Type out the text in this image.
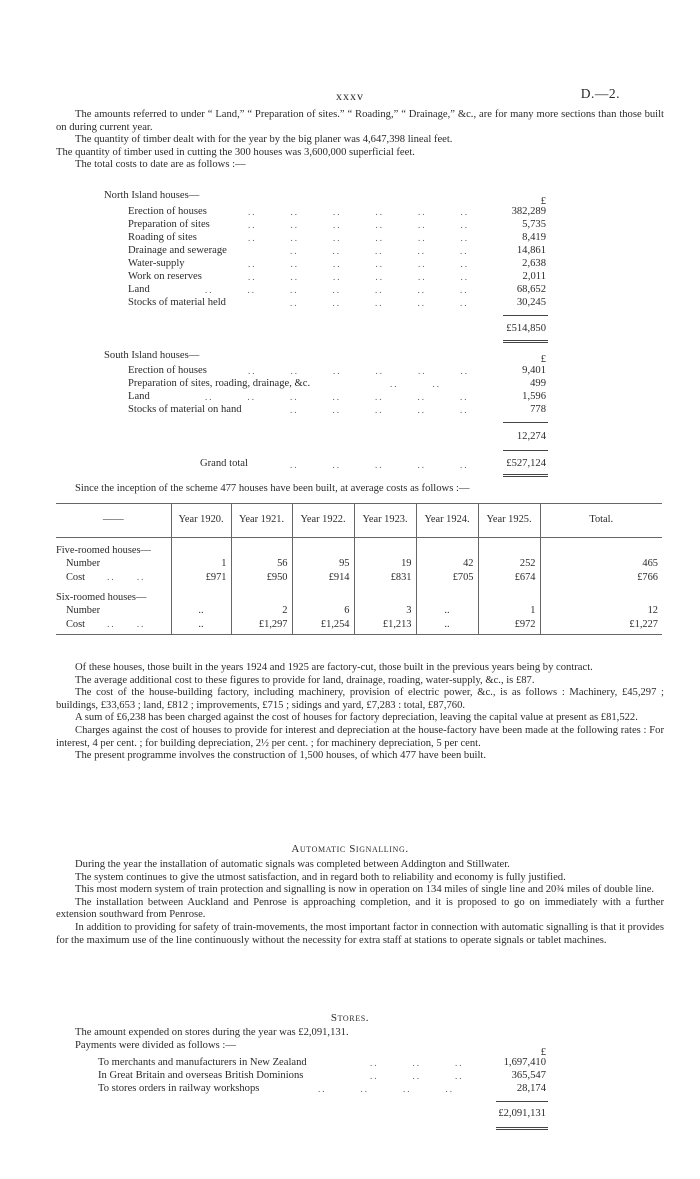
xxxv	D.—2.

The amounts referred to under “ Land,” “ Preparation of sites.” “ Roading,” “ Drainage,” &c., are for many more sections than those built on during current year.

The quantity of timber dealt with for the year by the big planer was 4,647,398 lineal feet.

The quantity of timber used in cutting the 300 houses was 3,600,000 superficial feet.

The total costs to date are as follows :—

North Island houses—
£
Erection of houses	..        ..        ..        ..        ..        ..	382,289
Preparation of sites	..        ..        ..        ..        ..        ..	5,735
Roading of sites	..        ..        ..        ..        ..        ..	8,419
Drainage and sewerage	..        ..        ..        ..        ..	14,861
Water-supply	..        ..        ..        ..        ..        ..	2,638
Work on reserves	..        ..        ..        ..        ..        ..	2,011
Land	..        ..        ..        ..        ..        ..        ..	68,652
Stocks of material held	..        ..        ..        ..        ..	30,245
£514,850
South Island houses—	£
Erection of houses	..        ..        ..        ..        ..        ..	9,401
Preparation of sites, roading, drainage, &c.	..        ..	499
Land	..        ..        ..        ..        ..        ..        ..	1,596
Stocks of material on hand	..        ..        ..        ..        ..	778
12,274
Grand total	..        ..        ..        ..        ..	£527,124

Since the inception of the scheme 477 houses have been built, at average costs as follows :—

——	Year 1920.	Year 1921.	Year 1922.	Year 1923.	Year 1924.	Year 1925.	Total.

Five-roomed houses—							
Number	1	56	95	19	42	252	465
Cost ..     ..	£971	£950	£914	£831	£705	£674	£766

Six-roomed houses—							
Number	..	2	6	3	..	1	12
Cost ..     ..	..	£1,297	£1,254	£1,213	..	£972	£1,227

Of these houses, those built in the years 1924 and 1925 are factory-cut, those built in the previous years being by contract.

The average additional cost to these figures to provide for land, drainage, roading, water-supply, &c., is £87.

The cost of the house-building factory, including machinery, provision of electric power, &c., is as follows : Machinery, £45,297 ; buildings, £33,653 ; land, £812 ; improvements, £715 ; sidings and yard, £7,283 : total, £87,760.

A sum of £6,238 has been charged against the cost of houses for factory depreciation, leaving the capital value at present as £81,522.

Charges against the cost of houses to provide for interest and depreciation at the house-factory have been made at the following rates : For interest, 4 per cent. ; for building depreciation, 2½ per cent. ; for machinery depreciation, 5 per cent.

The present programme involves the construction of 1,500 houses, of which 477 have been built.

Automatic Signalling.

During the year the installation of automatic signals was completed between Addington and Stillwater.

The system continues to give the utmost satisfaction, and in regard both to reliability and economy is fully justified.

This most modern system of train protection and signalling is now in operation on 134 miles of single line and 20¾ miles of double line.

The installation between Auckland and Penrose is approaching completion, and it is proposed to go on immediately with a further extension southward from Penrose.

In addition to providing for safety of train-movements, the most important factor in connection with automatic signalling is that it provides for the maximum use of the line continuously without the necessity for extra staff at stations to operate signals or tablet machines.

Stores.
The amount expended on stores during the year was £2,091,131.
Payments were divided as follows :—
£
To merchants and manufacturers in New Zealand	..        ..        ..	1,697,410
In Great Britain and overseas British Dominions	..        ..        ..	365,547
To stores orders in railway workshops	..        ..        ..        ..	28,174
£2,091,131
